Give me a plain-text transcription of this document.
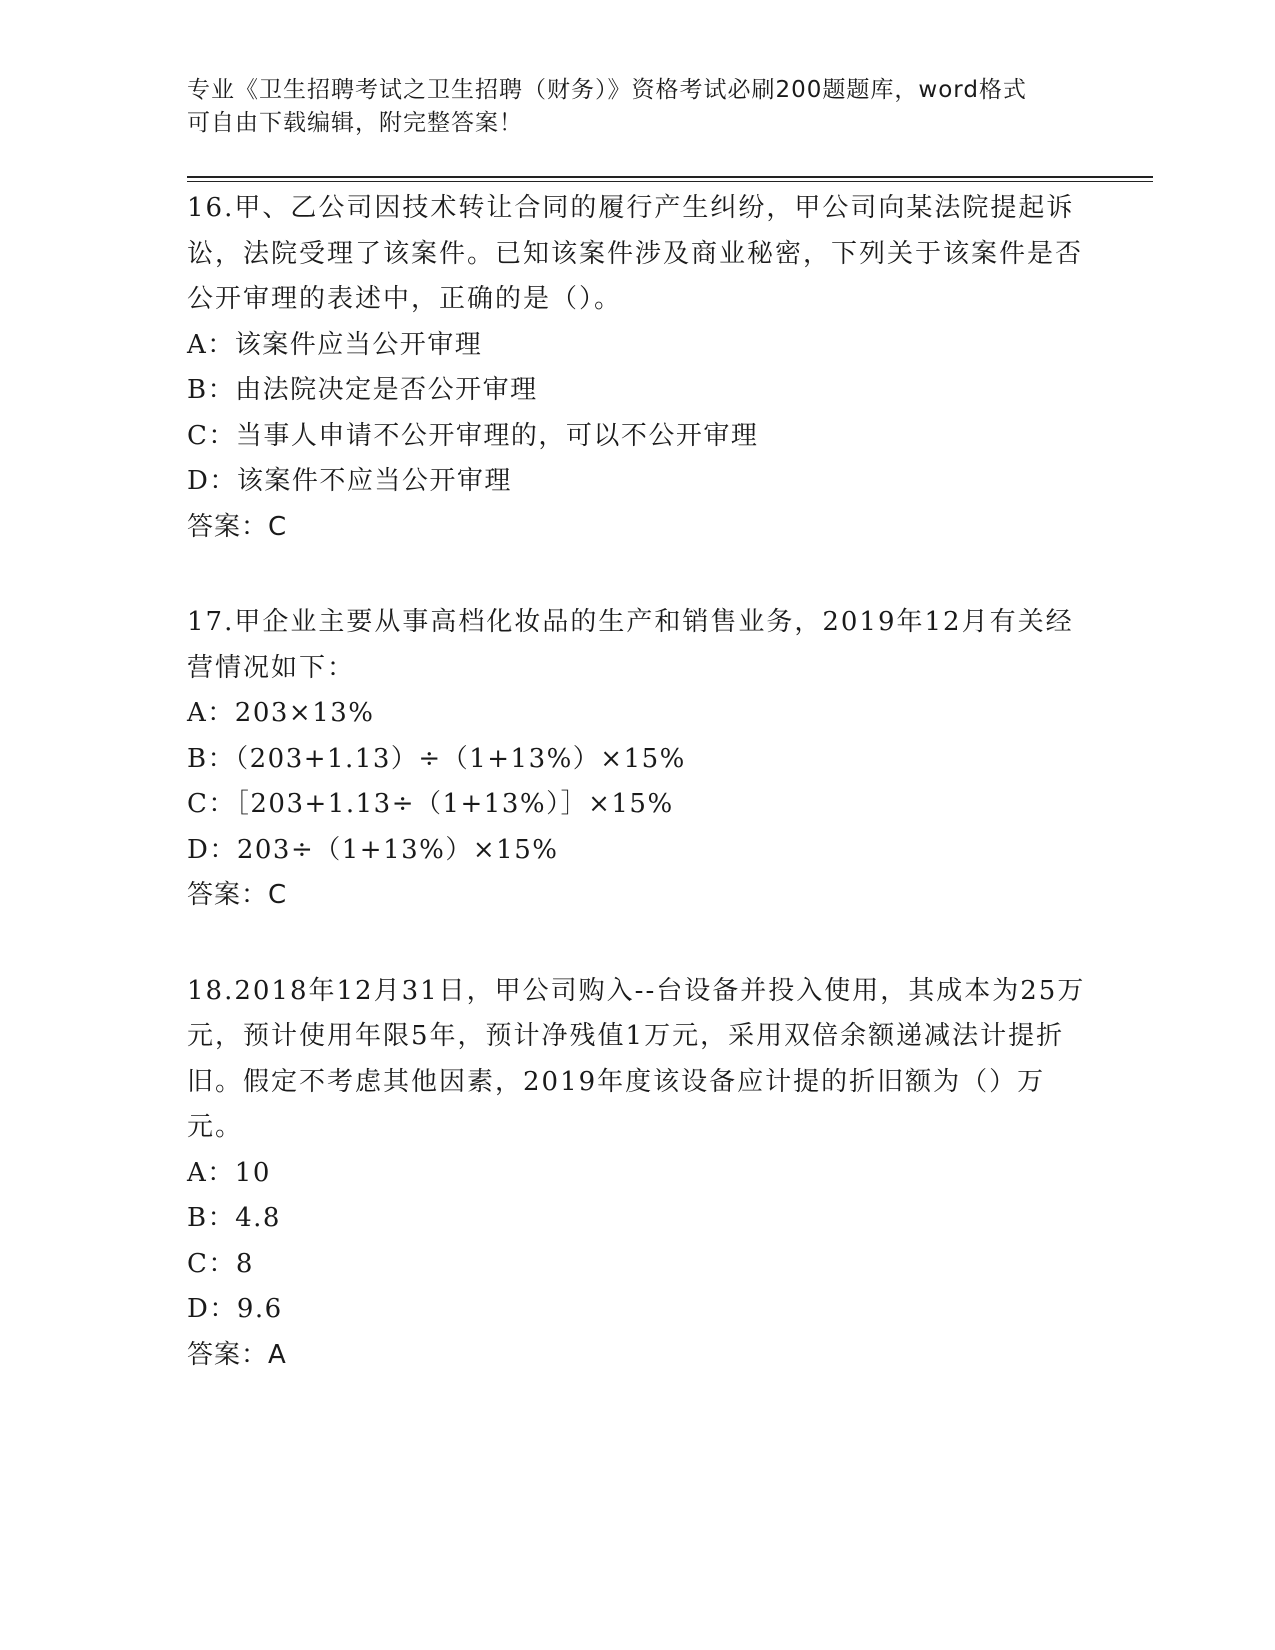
专业《卫生招聘考试之卫生招聘（财务）》资格考试必刷200题题库，word格式
可自由下载编辑，附完整答案！

16.甲、乙公司因技术转让合同的履行产生纠纷，甲公司向某法院提起诉讼，法院受理了该案件。已知该案件涉及商业秘密，下列关于该案件是否公开审理的表述中，正确的是（）。

A：该案件应当公开审理
B：由法院决定是否公开审理
C：当事人申请不公开审理的，可以不公开审理
D：该案件不应当公开审理
答案：C

17.甲企业主要从事高档化妆品的生产和销售业务，2019年12月有关经营情况如下：

A：203×13%
B：（203+1.13）÷（1+13%）×15%
C：［203+1.13÷（1+13%）］×15%
D：203÷（1+13%）×15%
答案：C

18.2018年12月31日，甲公司购入--台设备并投入使用，其成本为25万元，预计使用年限5年，预计净残值1万元，采用双倍余额递减法计提折旧。假定不考虑其他因素，2019年度该设备应计提的折旧额为（）万元。

A：10
B：4.8
C：8
D：9.6
答案：A
